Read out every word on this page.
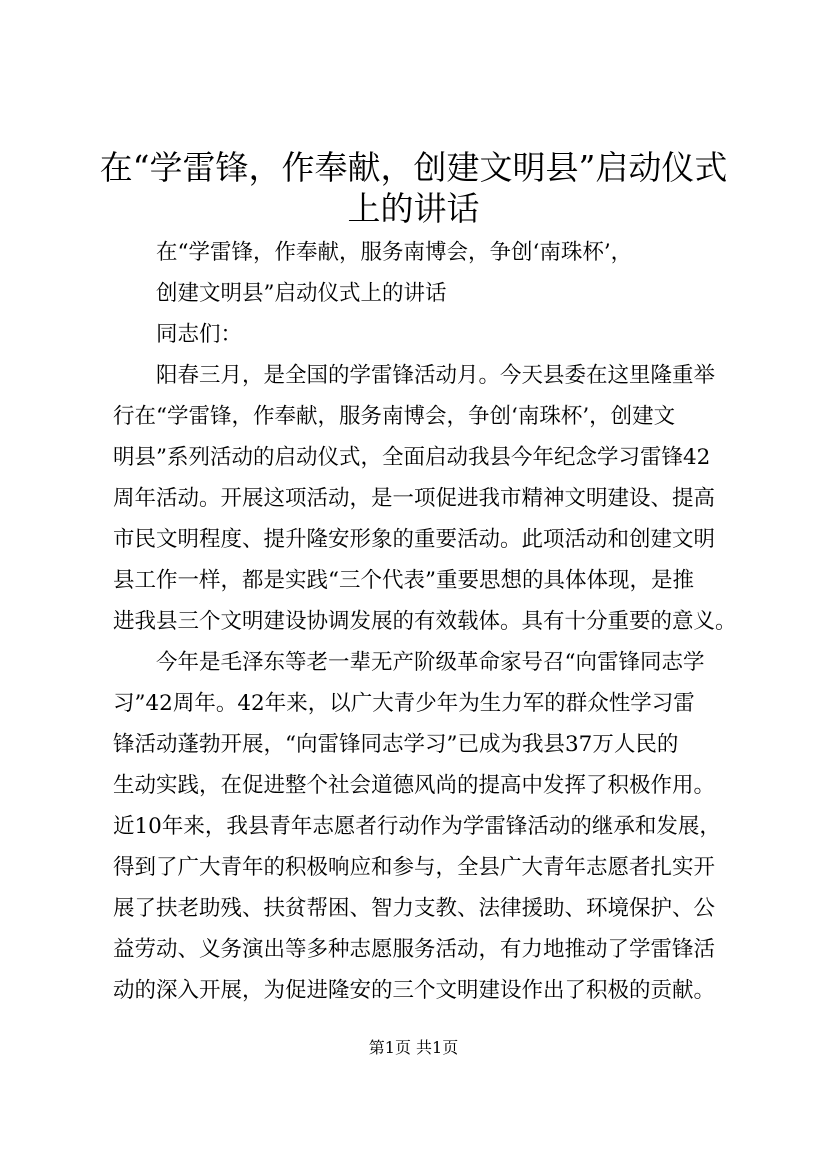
在“学雷锋，作奉献，创建文明县”启动仪式
上的讲话
在“学雷锋，作奉献，服务南博会，争创‘南珠杯’，
创建文明县”启动仪式上的讲话
同志们：
阳春三月，是全国的学雷锋活动月。今天县委在这里隆重举
行在“学雷锋，作奉献，服务南博会，争创‘南珠杯’，创建文
明县”系列活动的启动仪式，全面启动我县今年纪念学习雷锋42
周年活动。开展这项活动，是一项促进我市精神文明建设、提高
市民文明程度、提升隆安形象的重要活动。此项活动和创建文明
县工作一样，都是实践“三个代表”重要思想的具体体现，是推
进我县三个文明建设协调发展的有效载体。具有十分重要的意义。
今年是毛泽东等老一辈无产阶级革命家号召“向雷锋同志学
习”42周年。42年来，以广大青少年为生力军的群众性学习雷
锋活动蓬勃开展，“向雷锋同志学习”已成为我县37万人民的
生动实践，在促进整个社会道德风尚的提高中发挥了积极作用。
近10年来，我县青年志愿者行动作为学雷锋活动的继承和发展，
得到了广大青年的积极响应和参与，全县广大青年志愿者扎实开
展了扶老助残、扶贫帮困、智力支教、法律援助、环境保护、公
益劳动、义务演出等多种志愿服务活动，有力地推动了学雷锋活
动的深入开展，为促进隆安的三个文明建设作出了积极的贡献。
第1页 共1页
